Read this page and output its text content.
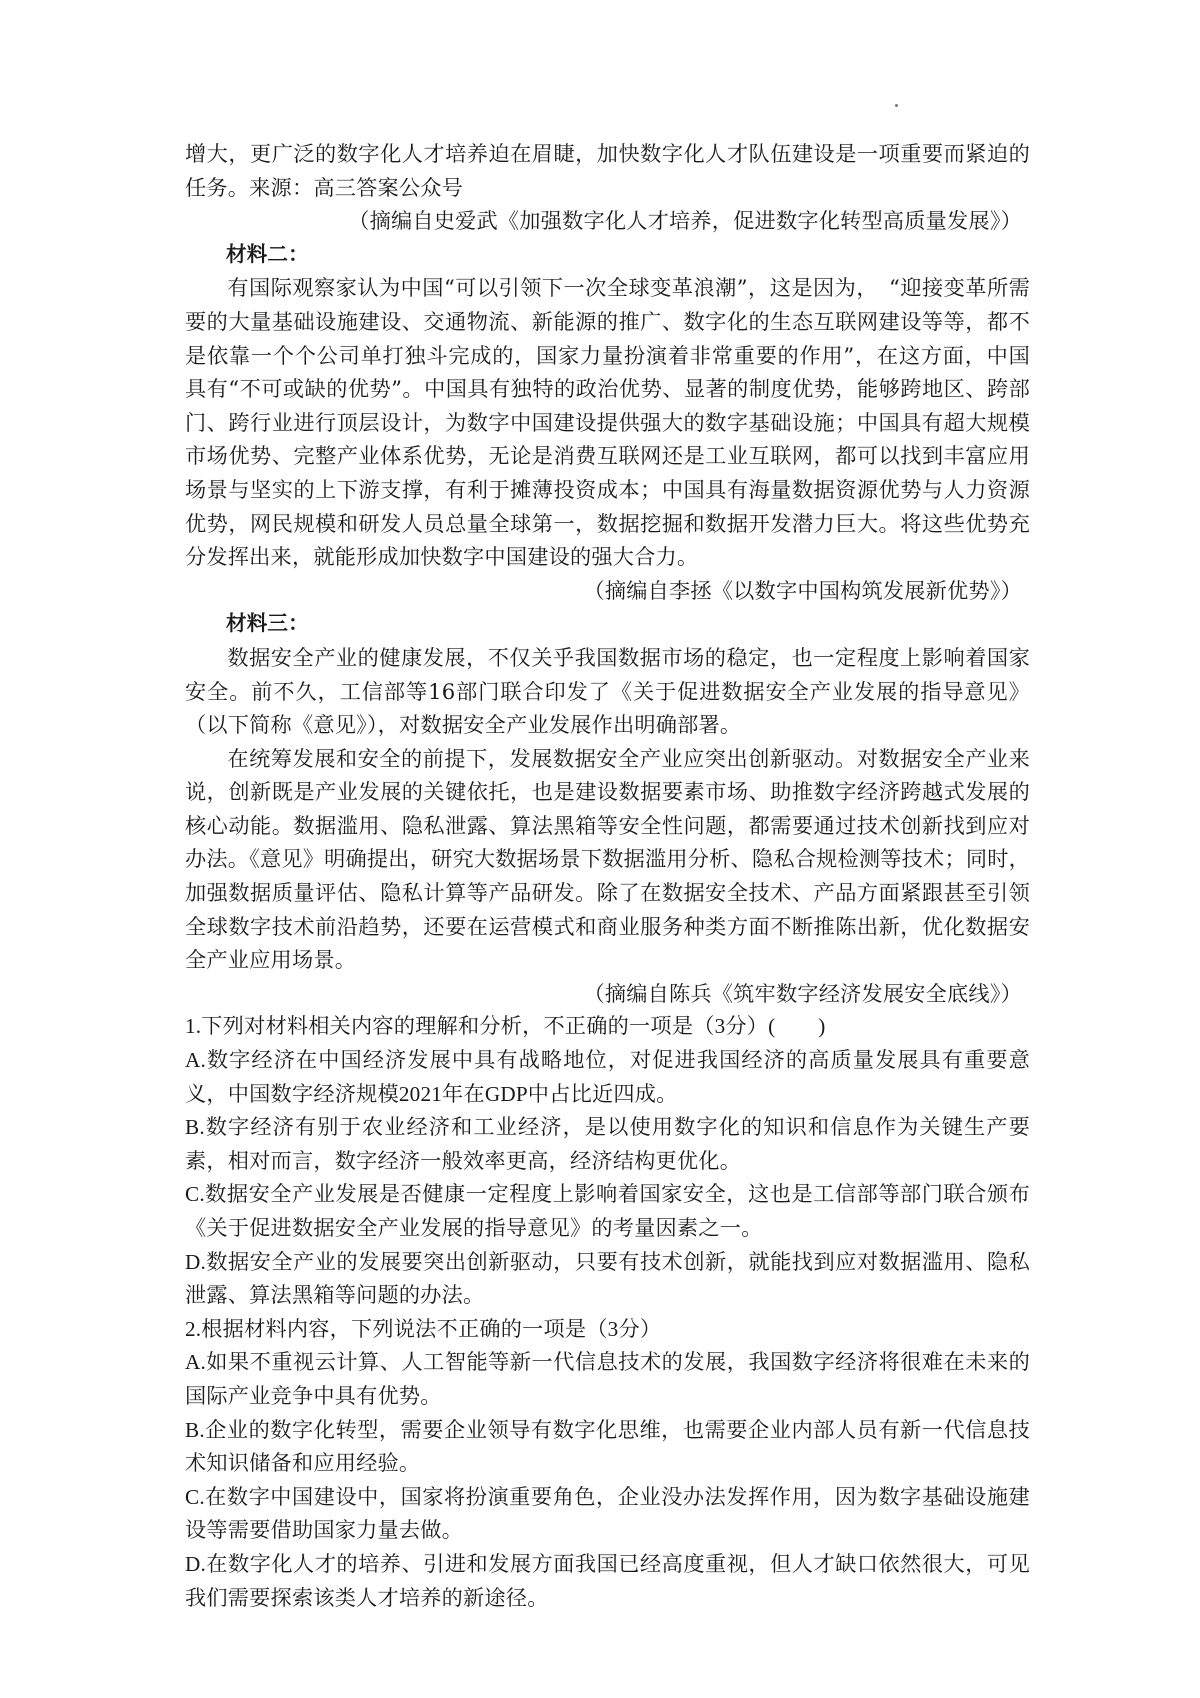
增大，更广泛的数字化人才培养迫在眉睫，加快数字化人才队伍建设是一项重要而紧迫的任务。来源：高三答案公众号

（摘编自史爱武《加强数字化人才培养，促进数字化转型高质量发展》）

材料二：

有国际观察家认为中国“可以引领下一次全球变革浪潮”，这是因为，　“迎接变革所需要的大量基础设施建设、交通物流、新能源的推广、数字化的生态互联网建设等等，都不是依靠一个个公司单打独斗完成的，国家力量扮演着非常重要的作用”，在这方面，中国具有“不可或缺的优势”。中国具有独特的政治优势、显著的制度优势，能够跨地区、跨部门、跨行业进行顶层设计，为数字中国建设提供强大的数字基础设施；中国具有超大规模市场优势、完整产业体系优势，无论是消费互联网还是工业互联网，都可以找到丰富应用场景与坚实的上下游支撑，有利于摊薄投资成本；中国具有海量数据资源优势与人力资源优势，网民规模和研发人员总量全球第一，数据挖掘和数据开发潜力巨大。将这些优势充分发挥出来，就能形成加快数字中国建设的强大合力。

（摘编自李拯《以数字中国构筑发展新优势》）

材料三：

数据安全产业的健康发展，不仅关乎我国数据市场的稳定，也一定程度上影响着国家安全。前不久，工信部等16部门联合印发了《关于促进数据安全产业发展的指导意见》（以下简称《意见》），对数据安全产业发展作出明确部署。

在统筹发展和安全的前提下，发展数据安全产业应突出创新驱动。对数据安全产业来说，创新既是产业发展的关键依托，也是建设数据要素市场、助推数字经济跨越式发展的核心动能。数据滥用、隐私泄露、算法黑箱等安全性问题，都需要通过技术创新找到应对办法。《意见》明确提出，研究大数据场景下数据滥用分析、隐私合规检测等技术；同时，加强数据质量评估、隐私计算等产品研发。除了在数据安全技术、产品方面紧跟甚至引领全球数字技术前沿趋势，还要在运营模式和商业服务种类方面不断推陈出新，优化数据安全产业应用场景。

（摘编自陈兵《筑牢数字经济发展安全底线》）

1.下列对材料相关内容的理解和分析，不正确的一项是（3分）(　　)

A.数字经济在中国经济发展中具有战略地位，对促进我国经济的高质量发展具有重要意义，中国数字经济规模2021年在GDP中占比近四成。

B.数字经济有别于农业经济和工业经济，是以使用数字化的知识和信息作为关键生产要素，相对而言，数字经济一般效率更高，经济结构更优化。

C.数据安全产业发展是否健康一定程度上影响着国家安全，这也是工信部等部门联合颁布《关于促进数据安全产业发展的指导意见》的考量因素之一。

D.数据安全产业的发展要突出创新驱动，只要有技术创新，就能找到应对数据滥用、隐私泄露、算法黑箱等问题的办法。

2.根据材料内容，下列说法不正确的一项是（3分）

A.如果不重视云计算、人工智能等新一代信息技术的发展，我国数字经济将很难在未来的国际产业竞争中具有优势。

B.企业的数字化转型，需要企业领导有数字化思维，也需要企业内部人员有新一代信息技术知识储备和应用经验。

C.在数字中国建设中，国家将扮演重要角色，企业没办法发挥作用，因为数字基础设施建设等需要借助国家力量去做。

D.在数字化人才的培养、引进和发展方面我国已经高度重视，但人才缺口依然很大，可见我们需要探索该类人才培养的新途径。
